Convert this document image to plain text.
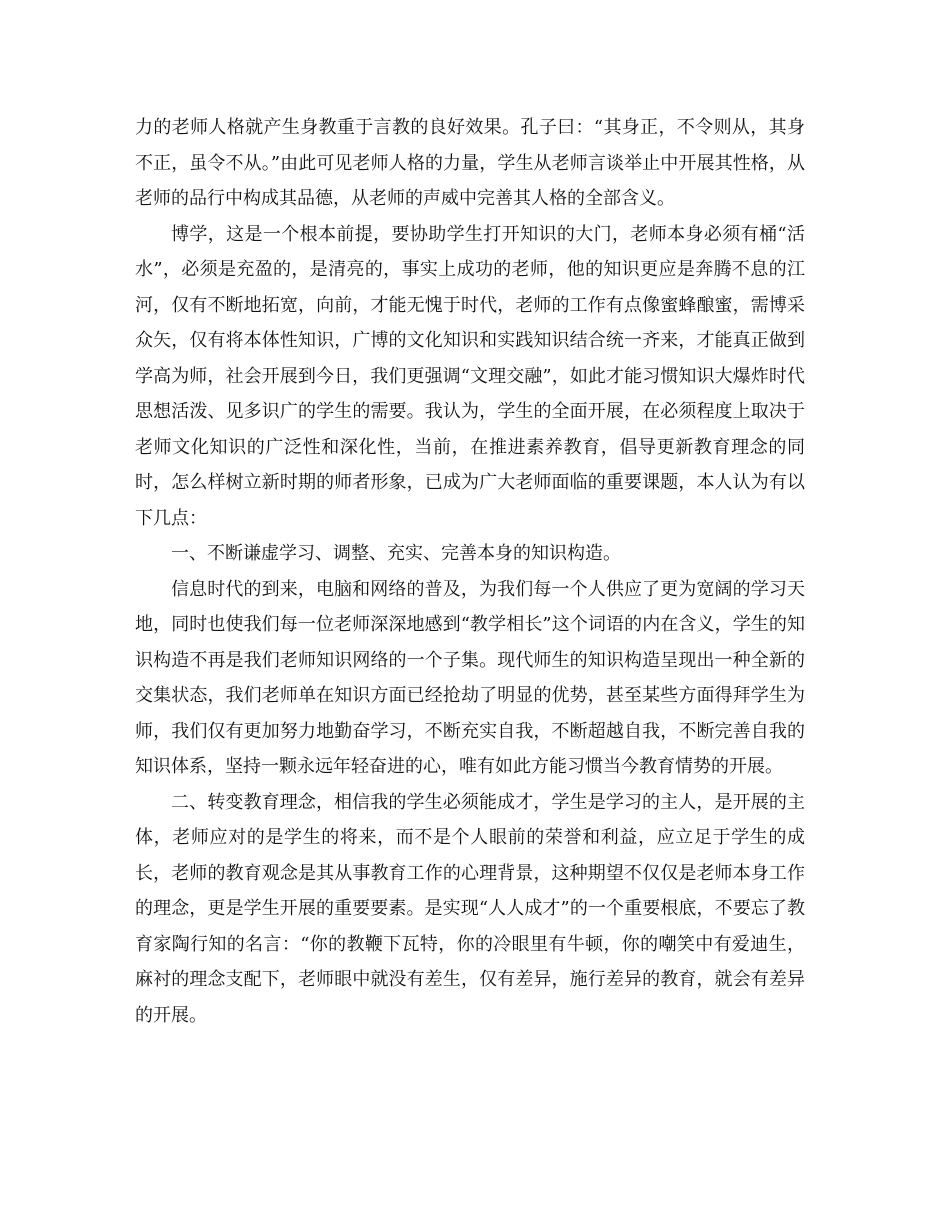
力的老师人格就产生身教重于言教的良好效果。孔子曰：“其身正，不令则从，其身不正，虽令不从。”由此可见老师人格的力量，学生从老师言谈举止中开展其性格，从老师的品行中构成其品德，从老师的声威中完善其人格的全部含义。

博学，这是一个根本前提，要协助学生打开知识的大门，老师本身必须有桶“活水”，必须是充盈的，是清亮的，事实上成功的老师，他的知识更应是奔腾不息的江河，仅有不断地拓宽，向前，才能无愧于时代，老师的工作有点像蜜蜂酿蜜，需博采众矢，仅有将本体性知识，广博的文化知识和实践知识结合统一齐来，才能真正做到学高为师，社会开展到今日，我们更强调“文理交融”，如此才能习惯知识大爆炸时代思想活泼、见多识广的学生的需要。我认为，学生的全面开展，在必须程度上取决于老师文化知识的广泛性和深化性，当前，在推进素养教育，倡导更新教育理念的同时，怎么样树立新时期的师者形象，已成为广大老师面临的重要课题，本人认为有以下几点：

一、不断谦虚学习、调整、充实、完善本身的知识构造。

信息时代的到来，电脑和网络的普及，为我们每一个人供应了更为宽阔的学习天地，同时也使我们每一位老师深深地感到“教学相长”这个词语的内在含义，学生的知识构造不再是我们老师知识网络的一个子集。现代师生的知识构造呈现出一种全新的交集状态，我们老师单在知识方面已经抢劫了明显的优势，甚至某些方面得拜学生为师，我们仅有更加努力地勤奋学习，不断充实自我，不断超越自我，不断完善自我的知识体系，坚持一颗永远年轻奋进的心，唯有如此方能习惯当今教育情势的开展。

二、转变教育理念，相信我的学生必须能成才，学生是学习的主人，是开展的主体，老师应对的是学生的将来，而不是个人眼前的荣誉和利益，应立足于学生的成长，老师的教育观念是其从事教育工作的心理背景，这种期望不仅仅是老师本身工作的理念，更是学生开展的重要要素。是实现“人人成才”的一个重要根底，不要忘了教育家陶行知的名言：“你的教鞭下瓦特，你的冷眼里有牛顿，你的嘲笑中有爱迪生，麻衬的理念支配下，老师眼中就没有差生，仅有差异，施行差异的教育，就会有差异的开展。
